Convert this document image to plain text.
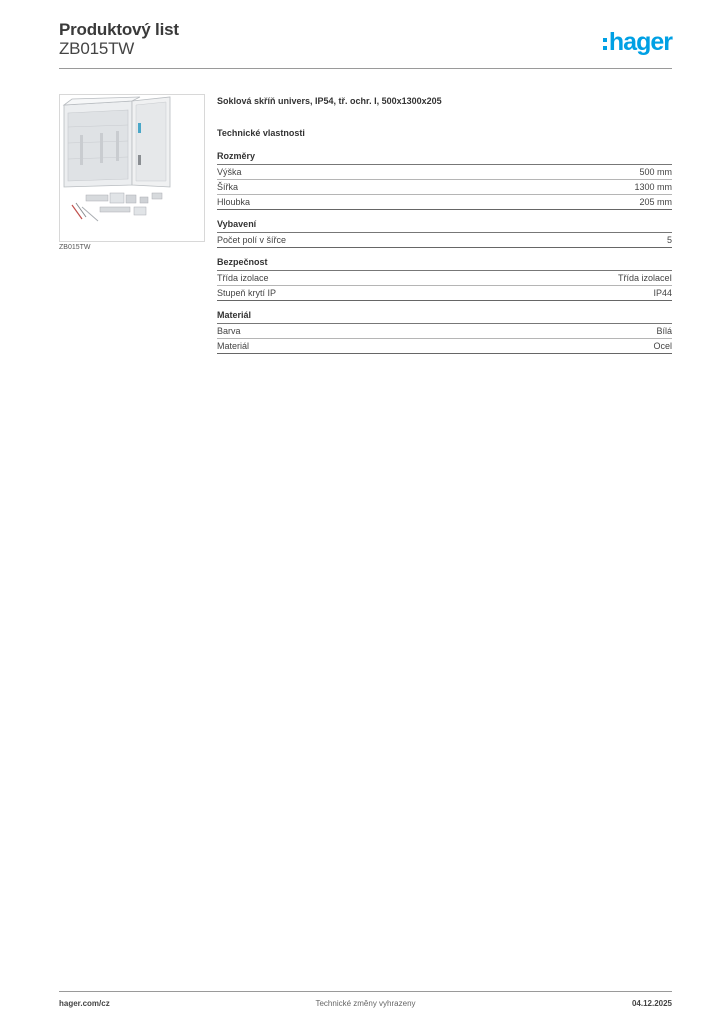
Produktový list
ZB015TW	hager
ZB015TW
Soklová skříň univers, IP54, tř. ochr. I, 500x1300x205
Technické vlastnosti
Rozměry
Výška	500 mm
Šířka	1300 mm
Hloubka	205 mm
Vybavení
Počet polí v šířce	5
Bezpečnost
Třída izolace	Třída izolaceI
Stupeň krytí IP	IP44
Materiál
Barva	Bílá
Materiál	Ocel
hager.com/cz	Technické změny vyhrazeny	04.12.2025
